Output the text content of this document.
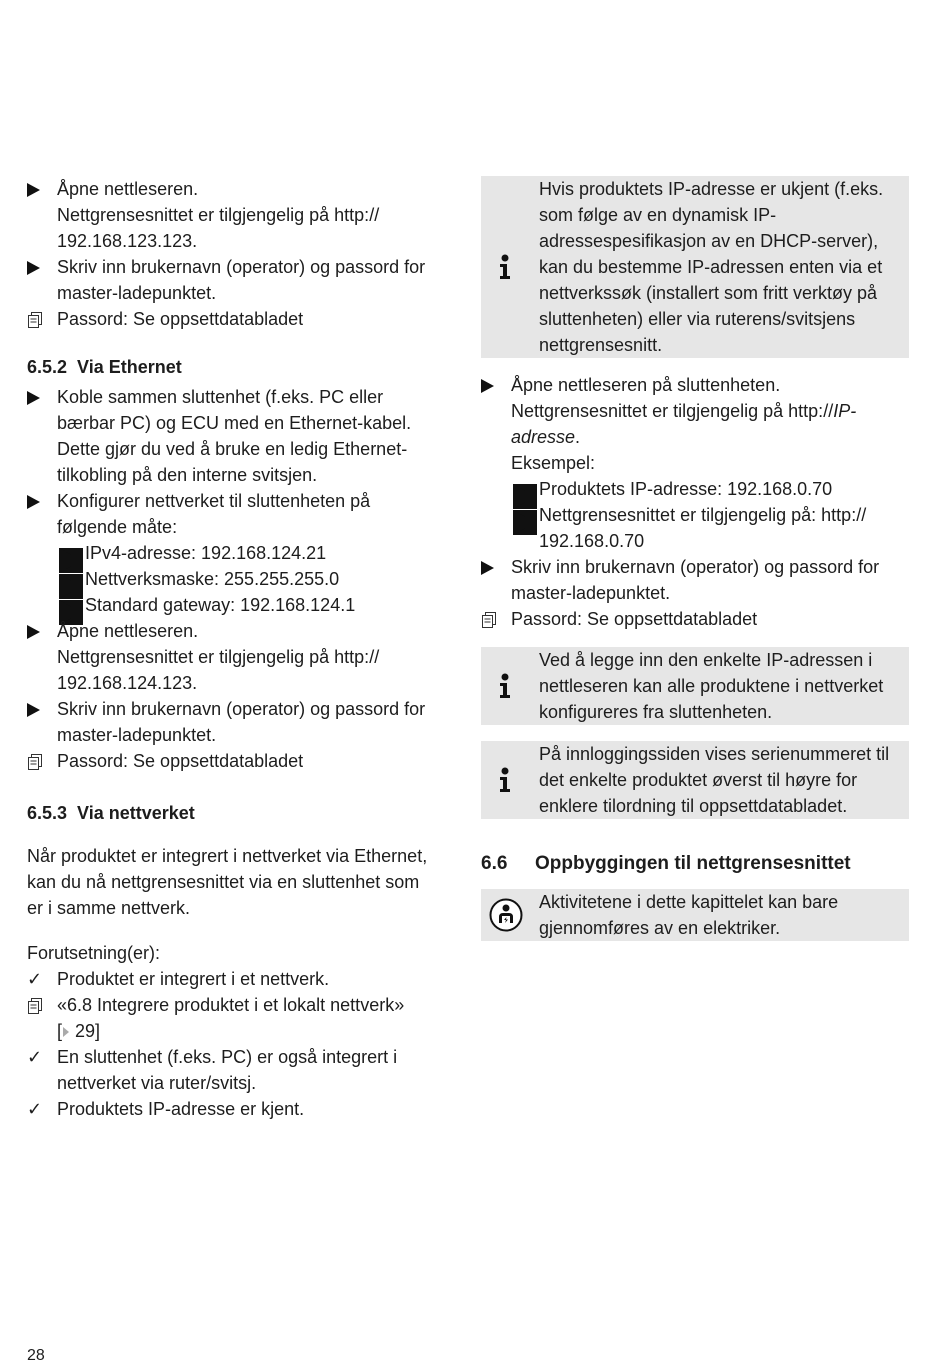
Åpne nettleseren.
Nettgrensesnittet er tilgjengelig på http://
192.168.123.123.
Skriv inn brukernavn (operator) og passord for
master-ladepunktet.
Passord: Se oppsettdatabladet
6.5.2  Via Ethernet
Koble sammen sluttenhet (f.eks. PC eller
bærbar PC) og ECU med en Ethernet-kabel.
Dette gjør du ved å bruke en ledig Ethernet-
tilkobling på den interne svitsjen.
Konfigurer nettverket til sluttenheten på
følgende måte:
IPv4-adresse: 192.168.124.21
Nettverksmaske: 255.255.255.0
Standard gateway: 192.168.124.1
Åpne nettleseren.
Nettgrensesnittet er tilgjengelig på http://
192.168.124.123.
Skriv inn brukernavn (operator) og passord for
master-ladepunktet.
Passord: Se oppsettdatabladet
6.5.3  Via nettverket
Når produktet er integrert i nettverket via Ethernet,
kan du nå nettgrensesnittet via en sluttenhet som
er i samme nettverk.
Forutsetning(er):
✓ Produktet er integrert i et nettverk.
«6.8 Integrere produktet i et lokalt nettverk»
[ 29]
✓ En sluttenhet (f.eks. PC) er også integrert i
nettverket via ruter/svitsj.
✓ Produktets IP-adresse er kjent.
Hvis produktets IP-adresse er ukjent (f.eks.
som følge av en dynamisk IP-
adressespesifikasjon av en DHCP-server),
kan du bestemme IP-adressen enten via et
nettverkssøk (installert som fritt verktøy på
sluttenheten) eller via ruterens/svitsjens
nettgrensesnitt.
Åpne nettleseren på sluttenheten.
Nettgrensesnittet er tilgjengelig på http://IP-
adresse.
Eksempel:
Produktets IP-adresse: 192.168.0.70
Nettgrensesnittet er tilgjengelig på: http://
192.168.0.70
Skriv inn brukernavn (operator) og passord for
master-ladepunktet.
Passord: Se oppsettdatabladet
Ved å legge inn den enkelte IP-adressen i
nettleseren kan alle produktene i nettverket
konfigureres fra sluttenheten.
På innloggingssiden vises serienummeret til
det enkelte produktet øverst til høyre for
enklere tilordning til oppsettdatabladet.
6.6 Oppbyggingen til nettgrensesnittet
Aktivitetene i dette kapittelet kan bare
gjennomføres av en elektriker.
28
